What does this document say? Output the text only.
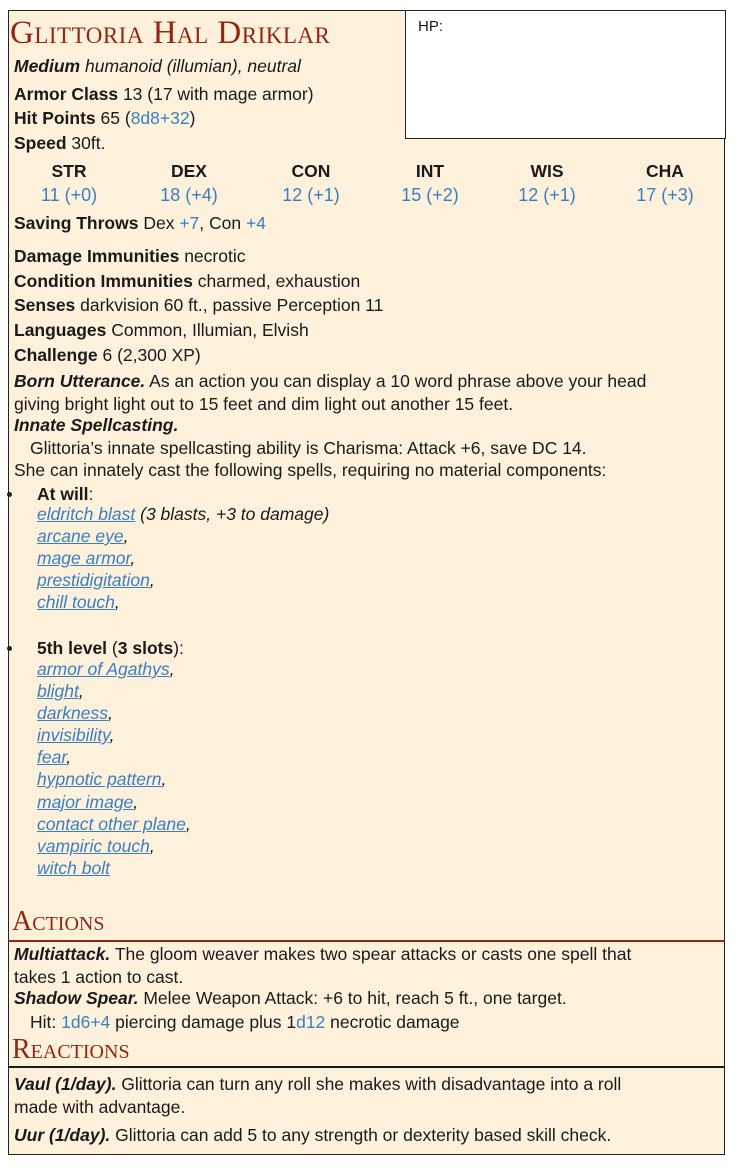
HP:
Glittoria Hal Driklar
Medium humanoid (illumian), neutral
Armor Class 13 (17 with mage armor)
Hit Points 65 (8d8+32)
Speed 30ft.
STR
11 (+0)
DEX
18 (+4)
CON
12 (+1)
INT
15 (+2)
WIS
12 (+1)
CHA
17 (+3)
Saving Throws Dex +7, Con +4
Damage Immunities necrotic
Condition Immunities charmed, exhaustion
Senses darkvision 60 ft., passive Perception 11
Languages Common, Illumian, Elvish
Challenge 6 (2,300 XP)
Born Utterance. As an action you can display a 10 word phrase above your head
giving bright light out to 15 feet and dim light out another 15 feet.
Innate Spellcasting.
Glittoria’s innate spellcasting ability is Charisma: Attack +6, save DC 14.
She can innately cast the following spells, requiring no material components:
At will:
eldritch blast (3 blasts, +3 to damage)
arcane eye,
mage armor,
prestidigitation,
chill touch,
5th level (3 slots):
armor of Agathys,
blight,
darkness,
invisibility,
fear,
hypnotic pattern,
major image,
contact other plane,
vampiric touch,
witch bolt
Actions
Multiattack. The gloom weaver makes two spear attacks or casts one spell that
takes 1 action to cast.
Shadow Spear. Melee Weapon Attack: +6 to hit, reach 5 ft., one target.
Hit: 1d6+4 piercing damage plus 1d12 necrotic damage
Reactions
Vaul (1/day). Glittoria can turn any roll she makes with disadvantage into a roll
made with advantage.
Uur (1/day). Glittoria can add 5 to any strength or dexterity based skill check.
